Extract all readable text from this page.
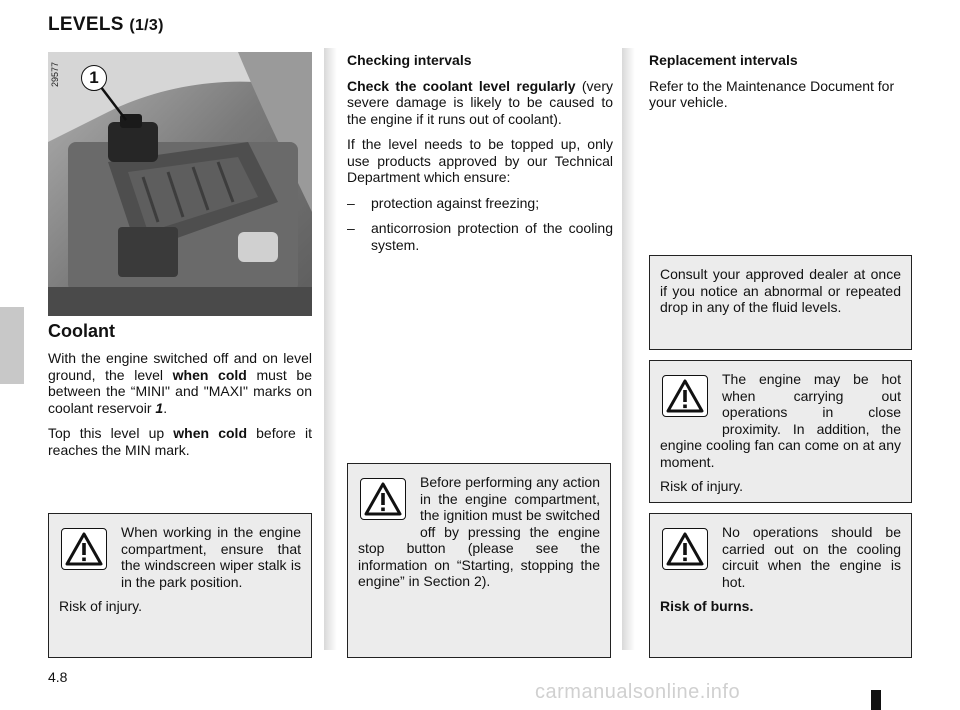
LEVELS (1/3)
29577	1
Coolant

With the engine switched off and on level ground, the level when cold must be between the “MINI" and "MAXI" marks on coolant reservoir 1.

Top this level up when cold before it reaches the MIN mark.

When working in the engine compartment, ensure that the windscreen wiper stalk is in the park position.

Risk of injury.

Checking intervals

Check the coolant level regularly (very severe damage is likely to be caused to the engine if it runs out of coolant).

If the level needs to be topped up, only use products approved by our Technical Department which ensure:

– protection against freezing;
– anticorrosion protection of the cooling system.

Before performing any action in the engine compartment, the ignition must be switched off by pressing the engine stop button (please see the information on “Starting, stopping the engine” in Section 2).

Replacement intervals

Refer to the Maintenance Document for your vehicle.

Consult your approved dealer at once if you notice an abnormal or repeated drop in any of the fluid levels.

The engine may be hot when carrying out operations in close proximity. In addition, the engine cooling fan can come on at any moment.

Risk of injury.

No operations should be carried out on the cooling circuit when the engine is hot.

Risk of burns.

4.8
carmanualsonline.info
